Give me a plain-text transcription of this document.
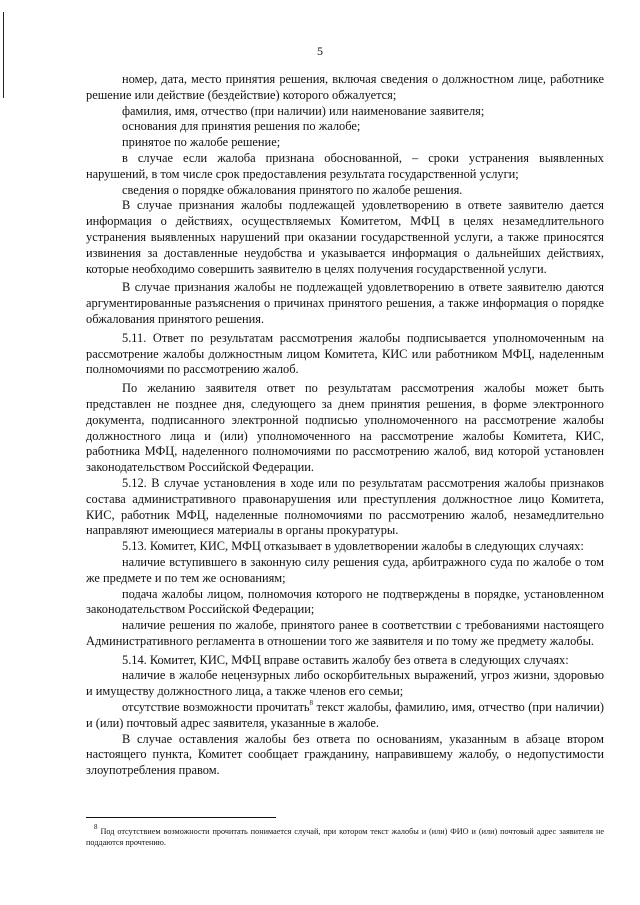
5

номер, дата, место принятия решения, включая сведения о должностном лице, работнике решение или действие (бездействие) которого обжалуется;

фамилия, имя, отчество (при наличии) или наименование заявителя;

основания для принятия решения по жалобе;

принятое по жалобе решение;

в случае если жалоба признана обоснованной, – сроки устранения выявленных нарушений, в том числе срок предоставления результата государственной услуги;

сведения о порядке обжалования принятого по жалобе решения.

В случае признания жалобы подлежащей удовлетворению в ответе заявителю дается информация о действиях, осуществляемых Комитетом, МФЦ в целях незамедлительного устранения выявленных нарушений при оказании государственной услуги, а также приносятся извинения за доставленные неудобства и указывается информация о дальнейших действиях, которые необходимо совершить заявителю в целях получения государственной услуги.

В случае признания жалобы не подлежащей удовлетворению в ответе заявителю даются аргументированные разъяснения о причинах принятого решения, а также информация о порядке обжалования принятого решения.

5.11. Ответ по результатам рассмотрения жалобы подписывается уполномоченным на рассмотрение жалобы должностным лицом Комитета, КИС или работником МФЦ, наделенным полномочиями по рассмотрению жалоб.

По желанию заявителя ответ по результатам рассмотрения жалобы может быть представлен не позднее дня, следующего за днем принятия решения, в форме электронного документа, подписанного электронной подписью уполномоченного на рассмотрение жалобы должностного лица и (или) уполномоченного на рассмотрение жалобы Комитета, КИС, работника МФЦ, наделенного полномочиями по рассмотрению жалоб, вид которой установлен законодательством Российской Федерации.

5.12. В случае установления в ходе или по результатам рассмотрения жалобы признаков состава административного правонарушения или преступления должностное лицо Комитета, КИС, работник МФЦ, наделенные полномочиями по рассмотрению жалоб, незамедлительно направляют имеющиеся материалы в органы прокуратуры.

5.13. Комитет, КИС, МФЦ отказывает в удовлетворении жалобы в следующих случаях:

наличие вступившего в законную силу решения суда, арбитражного суда по жалобе о том же предмете и по тем же основаниям;

подача жалобы лицом, полномочия которого не подтверждены в порядке, установленном законодательством Российской Федерации;

наличие решения по жалобе, принятого ранее в соответствии с требованиями настоящего Административного регламента в отношении того же заявителя и по тому же предмету жалобы.

5.14. Комитет, КИС, МФЦ вправе оставить жалобу без ответа в следующих случаях:

наличие в жалобе нецензурных либо оскорбительных выражений, угроз жизни, здоровью и имуществу должностного лица, а также членов его семьи;

отсутствие возможности прочитать$^8$ текст жалобы, фамилию, имя, отчество (при наличии) и (или) почтовый адрес заявителя, указанные в жалобе.

В случае оставления жалобы без ответа по основаниям, указанным в абзаце втором настоящего пункта, Комитет сообщает гражданину, направившему жалобу, о недопустимости злоупотребления правом.

$^8$ Под отсутствием возможности прочитать понимается случай, при котором текст жалобы и (или) ФИО и (или) почтовый адрес заявителя не поддаются прочтению.
